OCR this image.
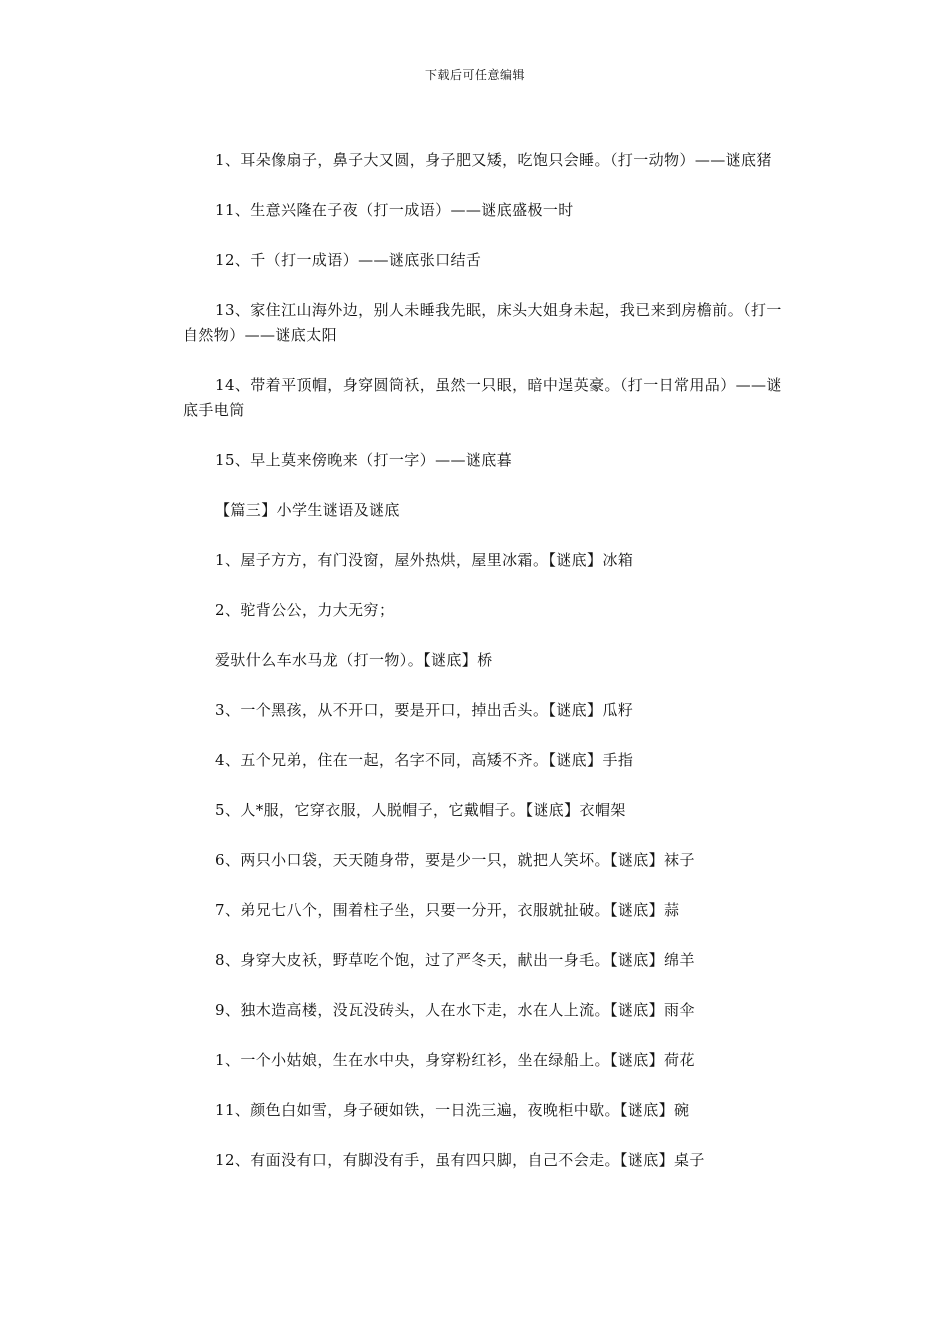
下载后可任意编辑

1、耳朵像扇子，鼻子大又圆，身子肥又矮，吃饱只会睡。（打一动物）——谜底猪

11、生意兴隆在子夜（打一成语）——谜底盛极一时

12、千（打一成语）——谜底张口结舌

13、家住江山海外边，别人未睡我先眠，床头大姐身未起，我已来到房檐前。（打一自然物）——谜底太阳

14、带着平顶帽，身穿圆筒袄，虽然一只眼，暗中逞英豪。（打一日常用品）——谜底手电筒

15、早上莫来傍晚来（打一字）——谜底暮

【篇三】小学生谜语及谜底

1、屋子方方，有门没窗，屋外热烘，屋里冰霜。【谜底】冰箱

2、驼背公公，力大无穷；

爱驮什么车水马龙（打一物）。【谜底】桥

3、一个黑孩，从不开口，要是开口，掉出舌头。【谜底】瓜籽

4、五个兄弟，住在一起，名字不同，高矮不齐。【谜底】手指

5、人*服，它穿衣服，人脱帽子，它戴帽子。【谜底】衣帽架

6、两只小口袋，天天随身带，要是少一只，就把人笑坏。【谜底】袜子

7、弟兄七八个，围着柱子坐，只要一分开，衣服就扯破。【谜底】蒜

8、身穿大皮袄，野草吃个饱，过了严冬天，献出一身毛。【谜底】绵羊

9、独木造高楼，没瓦没砖头，人在水下走，水在人上流。【谜底】雨伞

1、一个小姑娘，生在水中央，身穿粉红衫，坐在绿船上。【谜底】荷花

11、颜色白如雪，身子硬如铁，一日洗三遍，夜晚柜中歇。【谜底】碗

12、有面没有口，有脚没有手，虽有四只脚，自己不会走。【谜底】桌子
